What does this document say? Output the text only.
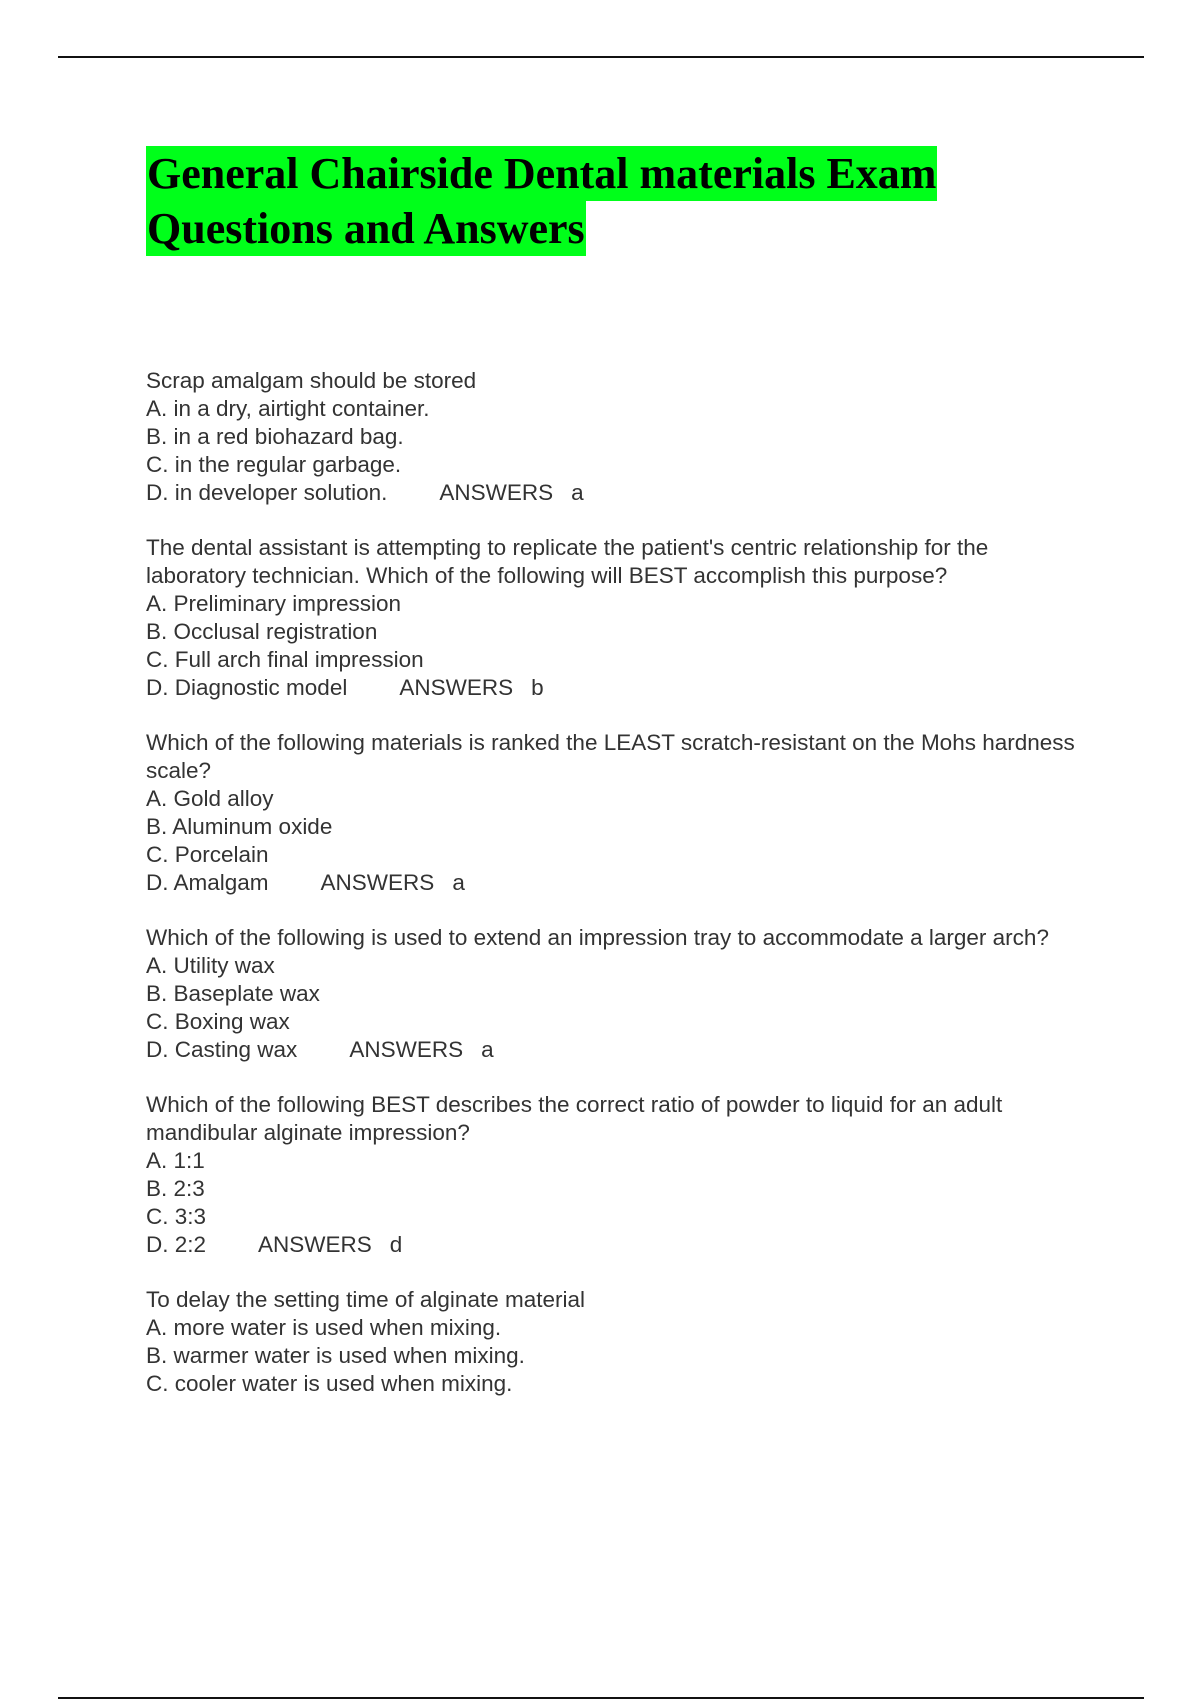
General Chairside Dental materials Exam
Questions and Answers

Scrap amalgam should be stored

A. in a dry, airtight container.

B. in a red biohazard bag.

C. in the regular garbage.

D. in developer solution. ANSWERS a

The dental assistant is attempting to replicate the patient's centric relationship for the laboratory technician. Which of the following will BEST accomplish this purpose?

A. Preliminary impression

B. Occlusal registration

C. Full arch final impression

D. Diagnostic model ANSWERS b

Which of the following materials is ranked the LEAST scratch-resistant on the Mohs hardness scale?

A. Gold alloy

B. Aluminum oxide

C. Porcelain

D. Amalgam ANSWERS a

Which of the following is used to extend an impression tray to accommodate a larger arch?

A. Utility wax

B. Baseplate wax

C. Boxing wax

D. Casting wax ANSWERS a

Which of the following BEST describes the correct ratio of powder to liquid for an adult mandibular alginate impression?

A. 1:1

B. 2:3

C. 3:3

D. 2:2 ANSWERS d

To delay the setting time of alginate material

A. more water is used when mixing.

B. warmer water is used when mixing.

C. cooler water is used when mixing.
